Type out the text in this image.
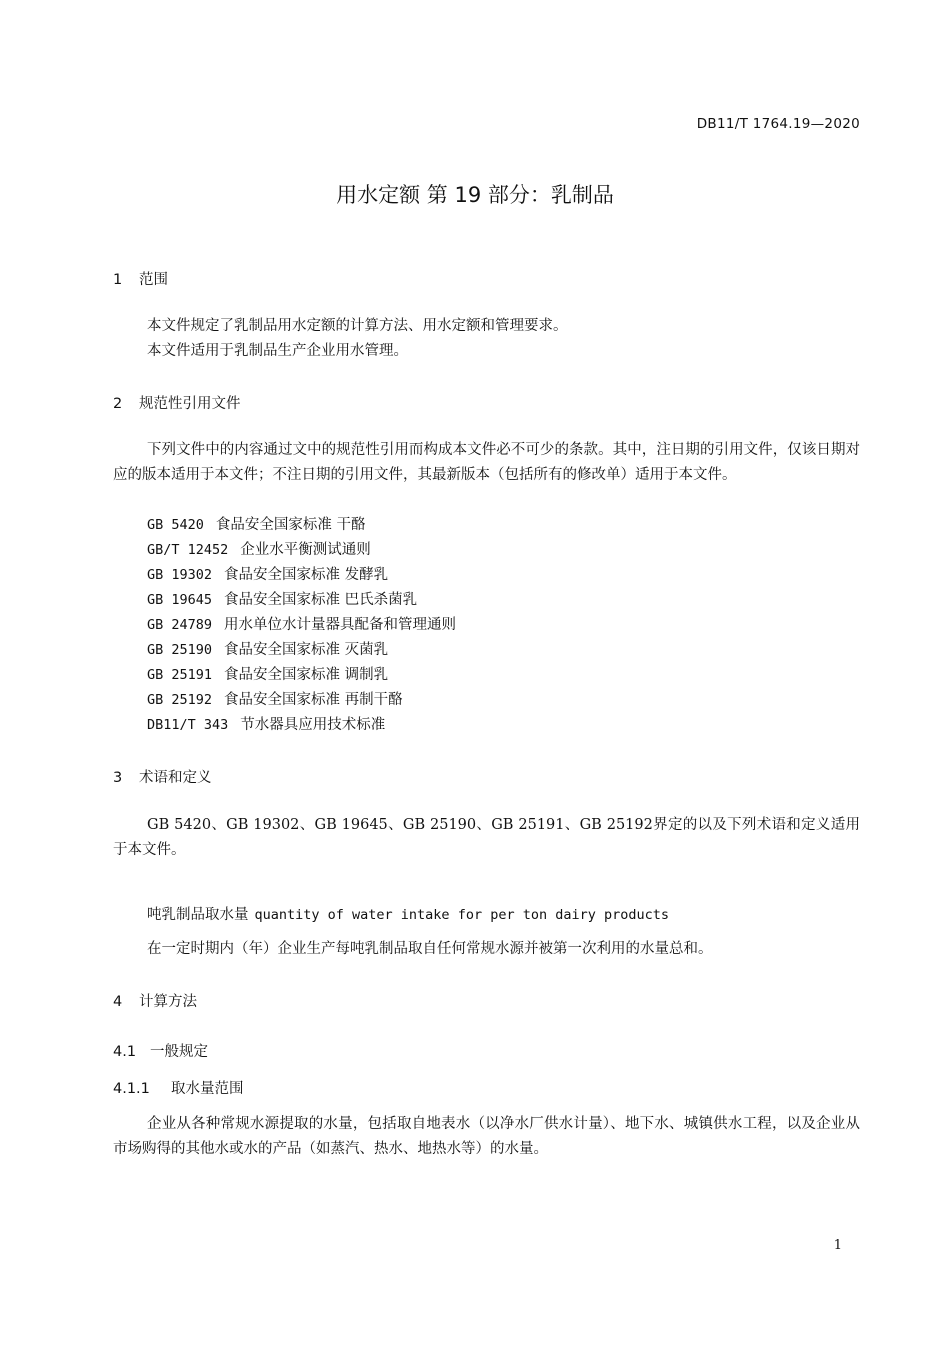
DB11/T 1764.19—2020
用水定额 第 19 部分：乳制品
1 范围
本文件规定了乳制品用水定额的计算方法、用水定额和管理要求。
本文件适用于乳制品生产企业用水管理。
2 规范性引用文件
下列文件中的内容通过文中的规范性引用而构成本文件必不可少的条款。其中，注日期的引用文件，仅该日期对应的版本适用于本文件；不注日期的引用文件，其最新版本（包括所有的修改单）适用于本文件。
GB 5420 食品安全国家标准 干酪
GB/T 12452 企业水平衡测试通则
GB 19302 食品安全国家标准 发酵乳
GB 19645 食品安全国家标准 巴氏杀菌乳
GB 24789 用水单位水计量器具配备和管理通则
GB 25190 食品安全国家标准 灭菌乳
GB 25191 食品安全国家标准 调制乳
GB 25192 食品安全国家标准 再制干酪
DB11/T 343 节水器具应用技术标准
3 术语和定义
GB 5420、GB 19302、GB 19645、GB 25190、GB 25191、GB 25192界定的以及下列术语和定义适用于本文件。
吨乳制品取水量 quantity of water intake for per ton dairy products
在一定时期内（年）企业生产每吨乳制品取自任何常规水源并被第一次利用的水量总和。
4 计算方法
4.1 一般规定
4.1.1 取水量范围
企业从各种常规水源提取的水量，包括取自地表水（以净水厂供水计量）、地下水、城镇供水工程，以及企业从市场购得的其他水或水的产品（如蒸汽、热水、地热水等）的水量。
1
